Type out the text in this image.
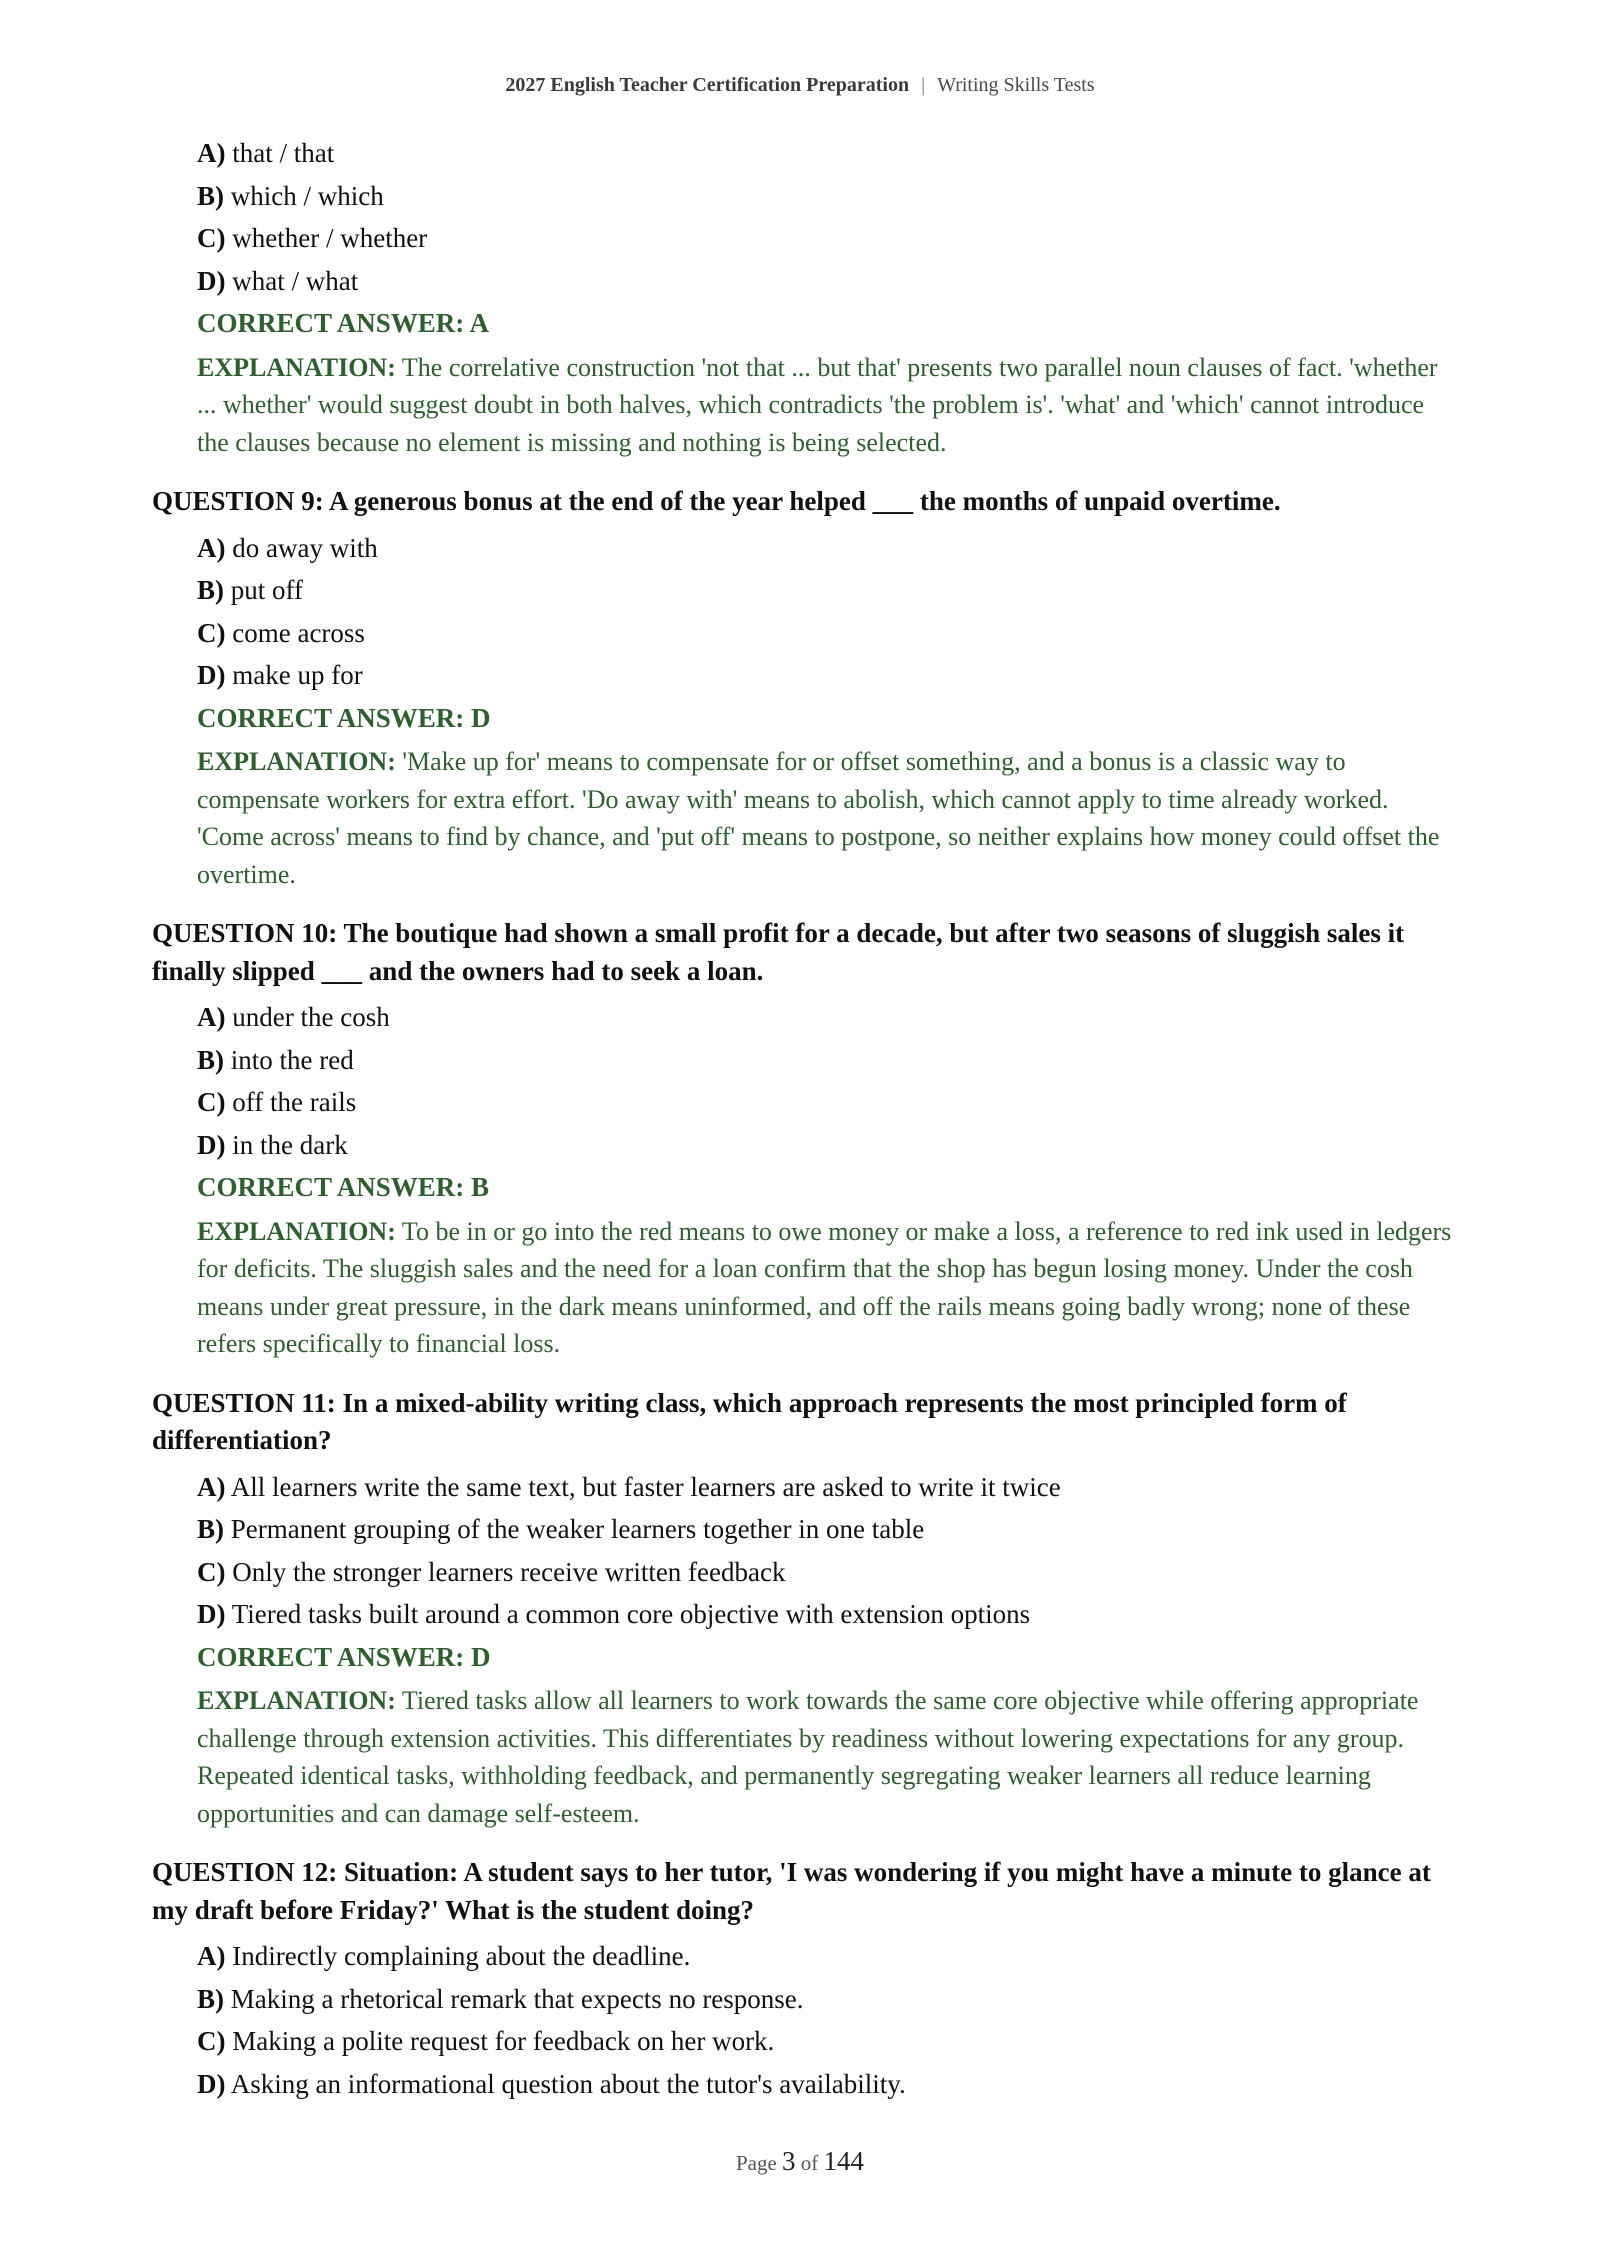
2027 English Teacher Certification Preparation | Writing Skills Tests
A) that / that
B) which / which
C) whether / whether
D) what / what
CORRECT ANSWER: A
EXPLANATION: The correlative construction 'not that ... but that' presents two parallel noun clauses of fact. 'whether ... whether' would suggest doubt in both halves, which contradicts 'the problem is'. 'what' and 'which' cannot introduce the clauses because no element is missing and nothing is being selected.
QUESTION 9: A generous bonus at the end of the year helped ___ the months of unpaid overtime.
A) do away with
B) put off
C) come across
D) make up for
CORRECT ANSWER: D
EXPLANATION: 'Make up for' means to compensate for or offset something, and a bonus is a classic way to compensate workers for extra effort. 'Do away with' means to abolish, which cannot apply to time already worked. 'Come across' means to find by chance, and 'put off' means to postpone, so neither explains how money could offset the overtime.
QUESTION 10: The boutique had shown a small profit for a decade, but after two seasons of sluggish sales it finally slipped ___ and the owners had to seek a loan.
A) under the cosh
B) into the red
C) off the rails
D) in the dark
CORRECT ANSWER: B
EXPLANATION: To be in or go into the red means to owe money or make a loss, a reference to red ink used in ledgers for deficits. The sluggish sales and the need for a loan confirm that the shop has begun losing money. Under the cosh means under great pressure, in the dark means uninformed, and off the rails means going badly wrong; none of these refers specifically to financial loss.
QUESTION 11: In a mixed-ability writing class, which approach represents the most principled form of differentiation?
A) All learners write the same text, but faster learners are asked to write it twice
B) Permanent grouping of the weaker learners together in one table
C) Only the stronger learners receive written feedback
D) Tiered tasks built around a common core objective with extension options
CORRECT ANSWER: D
EXPLANATION: Tiered tasks allow all learners to work towards the same core objective while offering appropriate challenge through extension activities. This differentiates by readiness without lowering expectations for any group. Repeated identical tasks, withholding feedback, and permanently segregating weaker learners all reduce learning opportunities and can damage self-esteem.
QUESTION 12: Situation: A student says to her tutor, 'I was wondering if you might have a minute to glance at my draft before Friday?' What is the student doing?
A) Indirectly complaining about the deadline.
B) Making a rhetorical remark that expects no response.
C) Making a polite request for feedback on her work.
D) Asking an informational question about the tutor's availability.
Page 3 of 144
